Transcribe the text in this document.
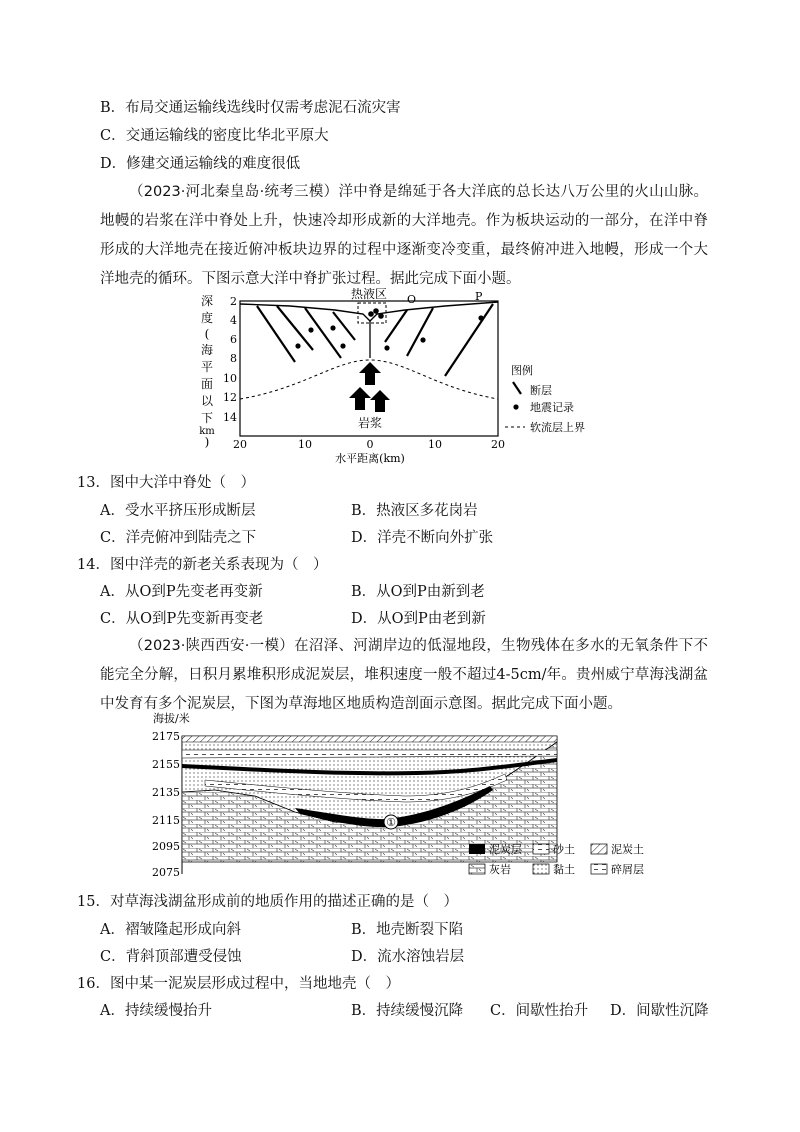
B．布局交通运输线选线时仅需考虑泥石流灾害
C．交通运输线的密度比华北平原大
D．修建交通运输线的难度很低
（2023·河北秦皇岛·统考三模）洋中脊是绵延于各大洋底的总长达八万公里的火山山脉。地幔的岩浆在洋中脊处上升，快速冷却形成新的大洋地壳。作为板块运动的一部分，在洋中脊形成的大洋地壳在接近俯冲板块边界的过程中逐渐变冷变重，最终俯冲进入地幔，形成一个大洋地壳的循环。下图示意大洋中脊扩张过程。据此完成下面小题。
深
度
(
海
平
面
以
下
km
)
2
4
6
8
10
12
14
20	10	0	10	20
水平距离(km)
热液区 O	P
岩浆
图例
断层
地震记录
软流层上界
13．图中大洋中脊处（　）
A．受水平挤压形成断层	B．热液区多花岗岩
C．洋壳俯冲到陆壳之下	D．洋壳不断向外扩张
14．图中洋壳的新老关系表现为（　）
A．从O到P先变老再变新	B．从O到P由新到老
C．从O到P先变新再变老	D．从O到P由老到新
（2023·陕西西安·一模）在沼泽、河湖岸边的低湿地段，生物残体在多水的无氧条件下不能完全分解，日积月累堆积形成泥炭层，堆积速度一般不超过4-5cm/年。贵州威宁草海浅湖盆中发育有多个泥炭层，下图为草海地区地质构造剖面示意图。据此完成下面小题。
海拔/米
2175
2155
2135
2115
2095
2075
①
泥炭层	砂土	泥炭土
灰岩	黏土	碎屑层
15．对草海浅湖盆形成前的地质作用的描述正确的是（　）
A．褶皱隆起形成向斜	B．地壳断裂下陷
C．背斜顶部遭受侵蚀	D．流水溶蚀岩层
16．图中某一泥炭层形成过程中，当地地壳（　）
A．持续缓慢抬升	B．持续缓慢沉降 C．间歇性抬升 D．间歇性沉降
